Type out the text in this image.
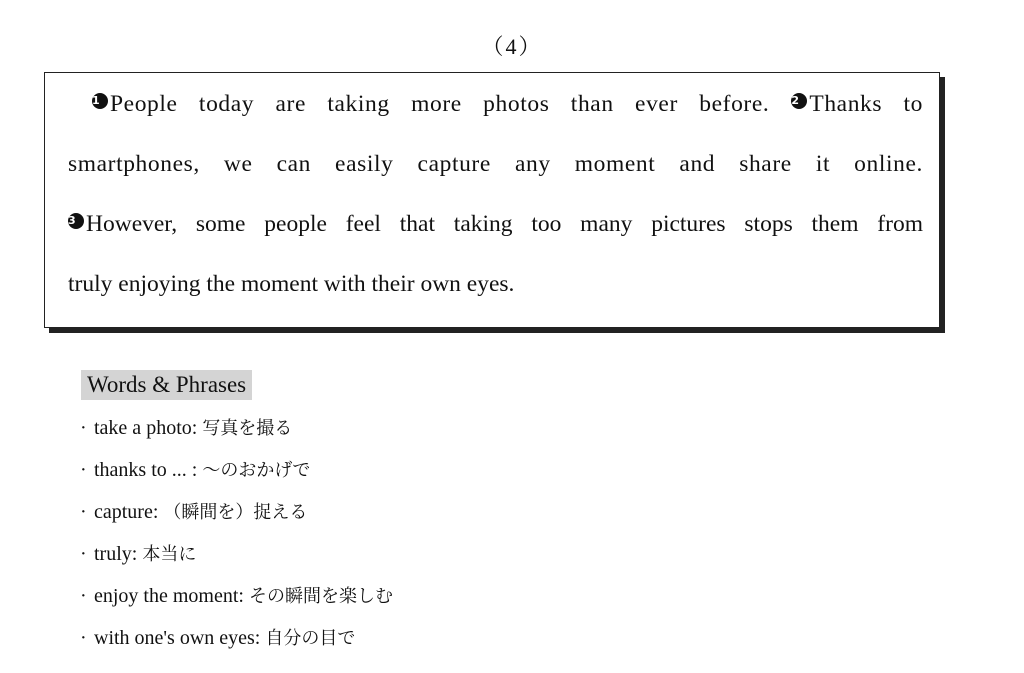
（4）
1 People today are taking more photos than ever before. 2 Thanks to
smartphones, we can easily capture any moment and share it online.
3 However, some people feel that taking too many pictures stops them from
truly enjoying the moment with their own eyes.
Words & Phrases
· take a photo: 写真を撮る
· thanks to ... : 〜のおかげで
· capture: （瞬間を）捉える
· truly: 本当に
· enjoy the moment: その瞬間を楽しむ
· with one's own eyes: 自分の目で
